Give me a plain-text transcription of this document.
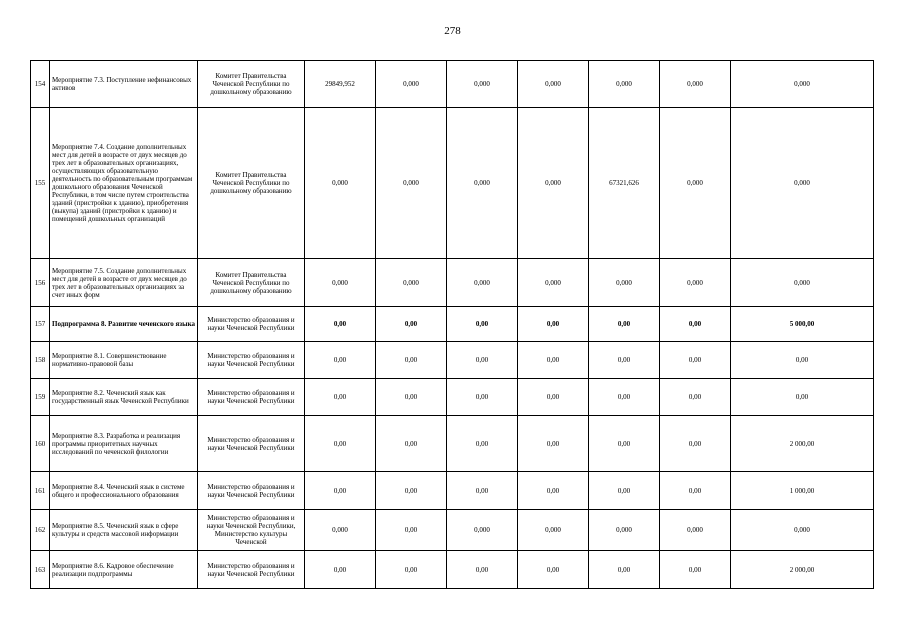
278
154	Мероприятие 7.3. Поступление нефинансовых активов	Комитет Правительства Чеченской Республики по дошкольному образованию	29849,952	0,000	0,000	0,000	0,000	0,000	0,000
155	Мероприятие 7.4. Создание дополнительных мест для детей в возрасте от двух месяцев до трех лет в образовательных организациях, осуществляющих образовательную деятельность по образовательным программам дошкольного образования Чеченской Республики, в том числе путем строительства зданий (пристройки к зданию), приобретения (выкупа) зданий (пристройки к зданию) и помещений дошкольных организаций	Комитет Правительства Чеченской Республики по дошкольному образованию	0,000	0,000	0,000	0,000	67321,626	0,000	0,000
156	Мероприятие 7.5. Создание дополнительных мест для детей в возрасте от двух месяцев до трех лет в образовательных организациях за счет иных форм	Комитет Правительства Чеченской Республики по дошкольному образованию	0,000	0,000	0,000	0,000	0,000	0,000	0,000
157	Подпрограмма 8. Развитие чеченского языка	Министерство образования и науки Чеченской Республики	0,00	0,00	0,00	0,00	0,00	0,00	5 000,00
158	Мероприятие 8.1. Совершенствование нормативно-правовой базы	Министерство образования и науки Чеченской Республики	0,00	0,00	0,00	0,00	0,00	0,00	0,00
159	Мероприятие 8.2. Чеченский язык как государственный язык Чеченской Республики	Министерство образования и науки Чеченской Республики	0,00	0,00	0,00	0,00	0,00	0,00	0,00
160	Мероприятие 8.3. Разработка и реализация программы приоритетных научных исследований по чеченской филологии	Министерство образования и науки Чеченской Республики	0,00	0,00	0,00	0,00	0,00	0,00	2 000,00
161	Мероприятие 8.4. Чеченский язык в системе общего и профессионального образования	Министерство образования и науки Чеченской Республики	0,00	0,00	0,00	0,00	0,00	0,00	1 000,00
162	Мероприятие 8.5. Чеченский язык в сфере культуры и средств массовой информации	Министерство образования и науки Чеченской Республики, Министерство культуры Чеченской	0,000	0,00	0,000	0,000	0,000	0,000	0,000
163	Мероприятие 8.6. Кадровое обеспечение реализации подпрограммы	Министерство образования и науки Чеченской Республики	0,00	0,00	0,00	0,00	0,00	0,00	2 000,00
